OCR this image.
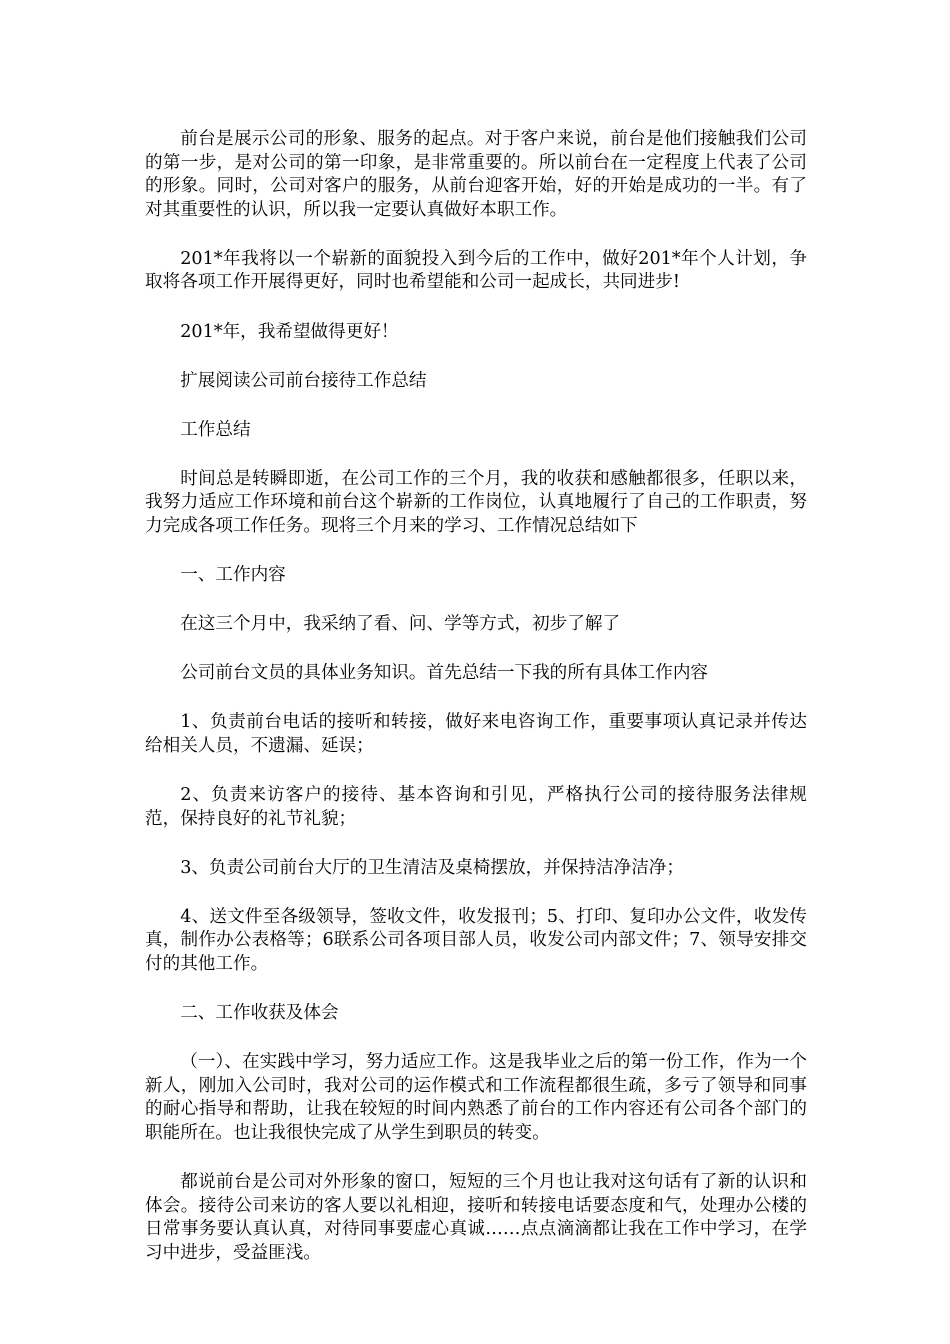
前台是展示公司的形象、服务的起点。对于客户来说，前台是他们接触我们公司的第一步，是对公司的第一印象，是非常重要的。所以前台在一定程度上代表了公司的形象。同时，公司对客户的服务，从前台迎客开始，好的开始是成功的一半。有了对其重要性的认识，所以我一定要认真做好本职工作。

201*年我将以一个崭新的面貌投入到今后的工作中，做好201*年个人计划，争取将各项工作开展得更好，同时也希望能和公司一起成长，共同进步!

201*年，我希望做得更好！

扩展阅读公司前台接待工作总结

工作总结

时间总是转瞬即逝，在公司工作的三个月，我的收获和感触都很多，任职以来，我努力适应工作环境和前台这个崭新的工作岗位，认真地履行了自己的工作职责，努力完成各项工作任务。现将三个月来的学习、工作情况总结如下

一、工作内容

在这三个月中，我采纳了看、问、学等方式，初步了解了

公司前台文员的具体业务知识。首先总结一下我的所有具体工作内容

1、负责前台电话的接听和转接，做好来电咨询工作，重要事项认真记录并传达给相关人员，不遗漏、延误；

2、负责来访客户的接待、基本咨询和引见，严格执行公司的接待服务法律规范，保持良好的礼节礼貌；

3、负责公司前台大厅的卫生清洁及桌椅摆放，并保持洁净洁净；

4、送文件至各级领导，签收文件，收发报刊；5、打印、复印办公文件，收发传真，制作办公表格等；6联系公司各项目部人员，收发公司内部文件；7、领导安排交付的其他工作。

二、工作收获及体会

（一）、在实践中学习，努力适应工作。这是我毕业之后的第一份工作，作为一个新人，刚加入公司时，我对公司的运作模式和工作流程都很生疏，多亏了领导和同事的耐心指导和帮助，让我在较短的时间内熟悉了前台的工作内容还有公司各个部门的职能所在。也让我很快完成了从学生到职员的转变。

都说前台是公司对外形象的窗口，短短的三个月也让我对这句话有了新的认识和体会。接待公司来访的客人要以礼相迎，接听和转接电话要态度和气，处理办公楼的日常事务要认真认真，对待同事要虚心真诚……点点滴滴都让我在工作中学习，在学习中进步，受益匪浅。
